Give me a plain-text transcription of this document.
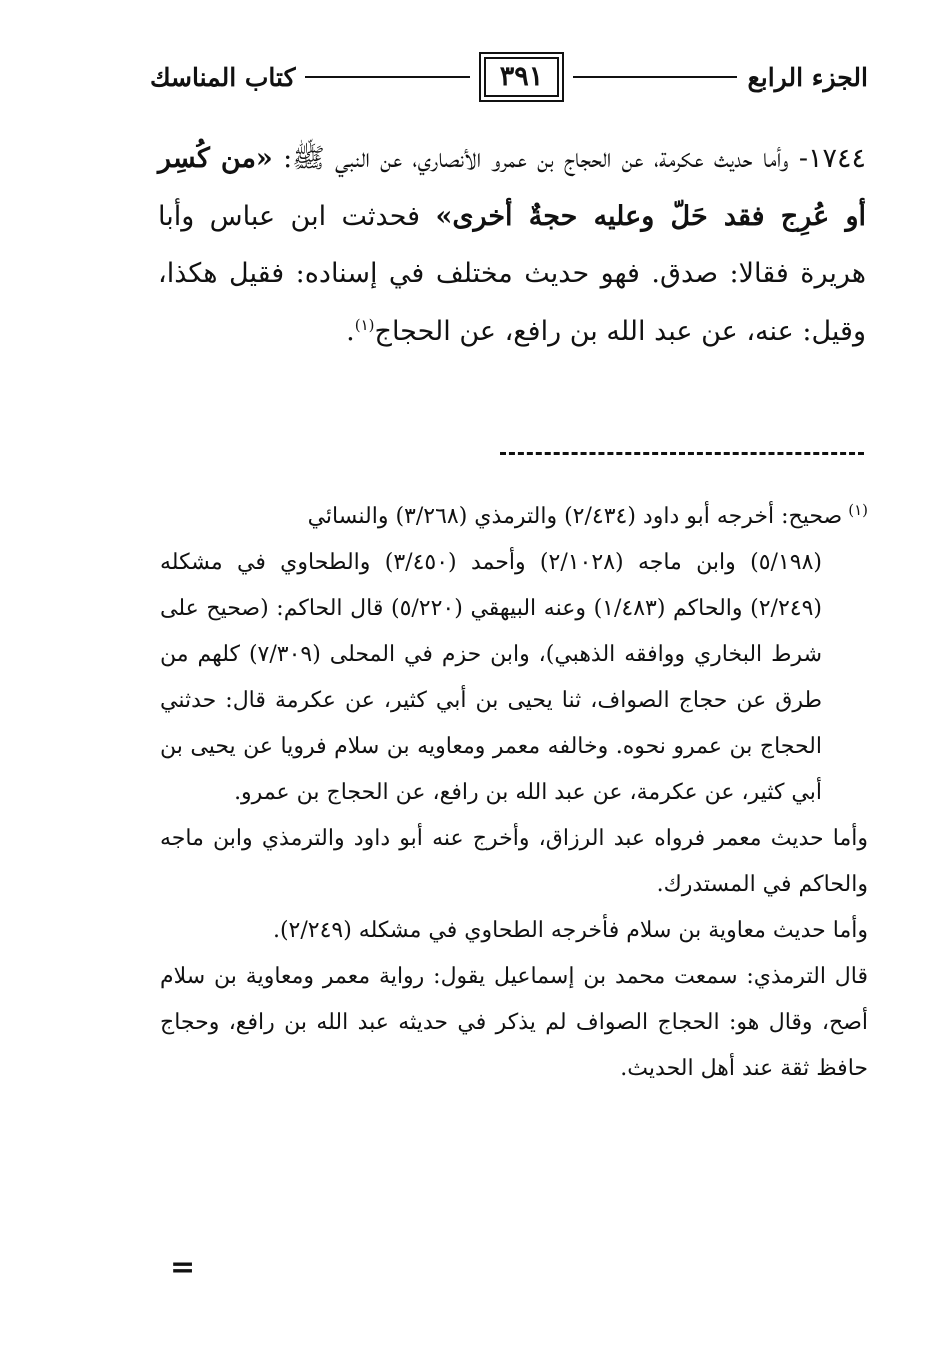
الجزء الرابع
٣٩١
كتاب المناسك

١٧٤٤- وأما حديث عكرمة، عن الحجاج بن عمرو الأنصاري، عن النبي ﷺ: «من كُسِر أو عُرِج فقد حَلّ وعليه حجةٌ أخرى» فحدثت ابن عباس وأبا هريرة فقالا: صدق. فهو حديث مختلف في إسناده: فقيل هكذا، وقيل: عنه، عن عبد الله بن رافع، عن الحجاج$^{(١)}$.

$^{(١)}$صحيح: أخرجه أبو داود (٢/٤٣٤) والترمذي (٣/٢٦٨) والنسائي
(٥/١٩٨) وابن ماجه (٢/١٠٢٨) وأحمد (٣/٤٥٠) والطحاوي في مشكله (٢/٢٤٩) والحاكم (١/٤٨٣) وعنه البيهقي (٥/٢٢٠) قال الحاكم: (صحيح على شرط البخاري ووافقه الذهبي)، وابن حزم في المحلى (٧/٣٠٩) كلهم من طرق عن حجاج الصواف، ثنا يحيى بن أبي كثير، عن عكرمة قال: حدثني الحجاج بن عمرو نحوه. وخالفه معمر ومعاويه بن سلام فرويا عن يحيى بن أبي كثير، عن عكرمة، عن عبد الله بن رافع، عن الحجاج بن عمرو.

وأما حديث معمر فرواه عبد الرزاق، وأخرج عنه أبو داود والترمذي وابن ماجه والحاكم في المستدرك.

وأما حديث معاوية بن سلام فأخرجه الطحاوي في مشكله (٢/٢٤٩).

قال الترمذي: سمعت محمد بن إسماعيل يقول: رواية معمر ومعاوية بن سلام أصح، وقال هو: الحجاج الصواف لم يذكر في حديثه عبد الله بن رافع، وحجاج حافظ ثقة عند أهل الحديث.

=
